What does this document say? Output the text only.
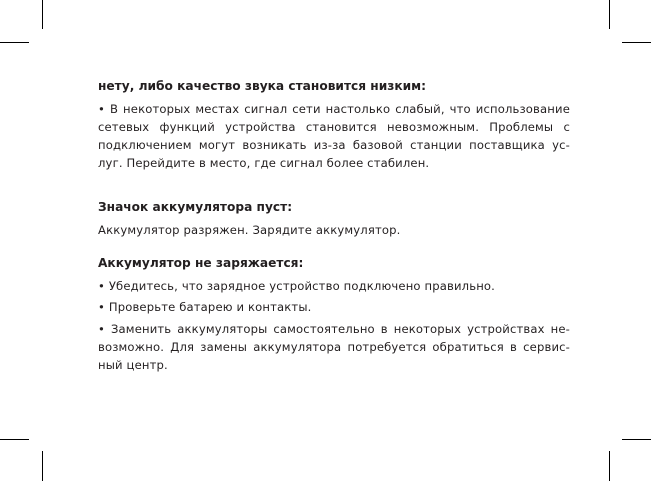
нету, либо качество звука становится низким:
• В некоторых местах сигнал сети настолько слабый, что использование
сетевых функций устройства становится невозможным. Проблемы с
подключением могут возникать из-за базовой станции поставщика ус-
луг. Перейдите в место, где сигнал более стабилен.
Значок аккумулятора пуст:
Аккумулятор разряжен. Зарядите аккумулятор.
Аккумулятор не заряжается:
• Убедитесь, что зарядное устройство подключено правильно.
• Проверьте батарею и контакты.
• Заменить аккумуляторы самостоятельно в некоторых устройствах не-
возможно. Для замены аккумулятора потребуется обратиться в сервис-
ный центр.
